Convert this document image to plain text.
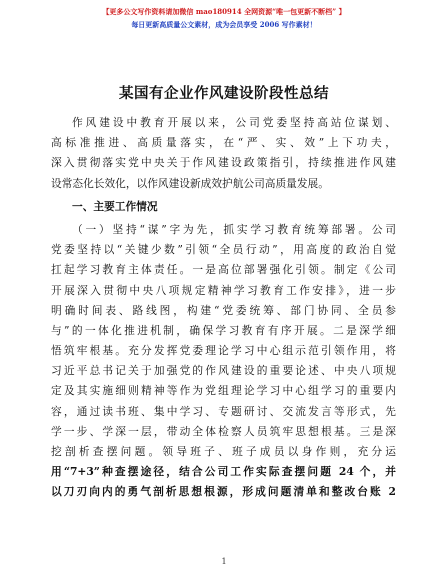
【更多公文写作资料请加微信 mao180914 全网资源“唯一包更新不断档” 】
每日更新高质量公文素材，成为会员享受 2006 写作素材！
某国有企业作风建设阶段性总结
作风建设中教育开展以来，公司党委坚持高站位谋划、
高标准推进、高质量落实，在“严、实、效”上下功夫，
深入贯彻落实党中央关于作风建设政策指引，持续推进作风建
设常态化长效化，以作风建设新成效护航公司高质量发展。
一、主要工作情况
（一）坚持“谋”字为先，抓实学习教育统筹部署。公司
党委坚持以“关键少数”引领“全员行动”，用高度的政治自觉
扛起学习教育主体责任。一是高位部署强化引领。制定《公司
开展深入贯彻中央八项规定精神学习教育工作安排》，进一步
明确时间表、路线图，构建“党委统筹、部门协同、全员参
与”的一体化推进机制，确保学习教育有序开展。二是深学细
悟筑牢根基。充分发挥党委理论学习中心组示范引领作用，将
习近平总书记关于加强党的作风建设的重要论述、中央八项规
定及其实施细则精神等作为党组理论学习中心组学习的重要内
容，通过读书班、集中学习、专题研讨、交流发言等形式，先
学一步、学深一层，带动全体检察人员筑牢思想根基。三是深
挖剖析查摆问题。领导班子、班子成员以身作则，充分运
用“7+3”种查摆途径，结合公司工作实际查摆问题 24 个，并
以刀刃向内的勇气剖析思想根源，形成问题清单和整改台账 2
1
